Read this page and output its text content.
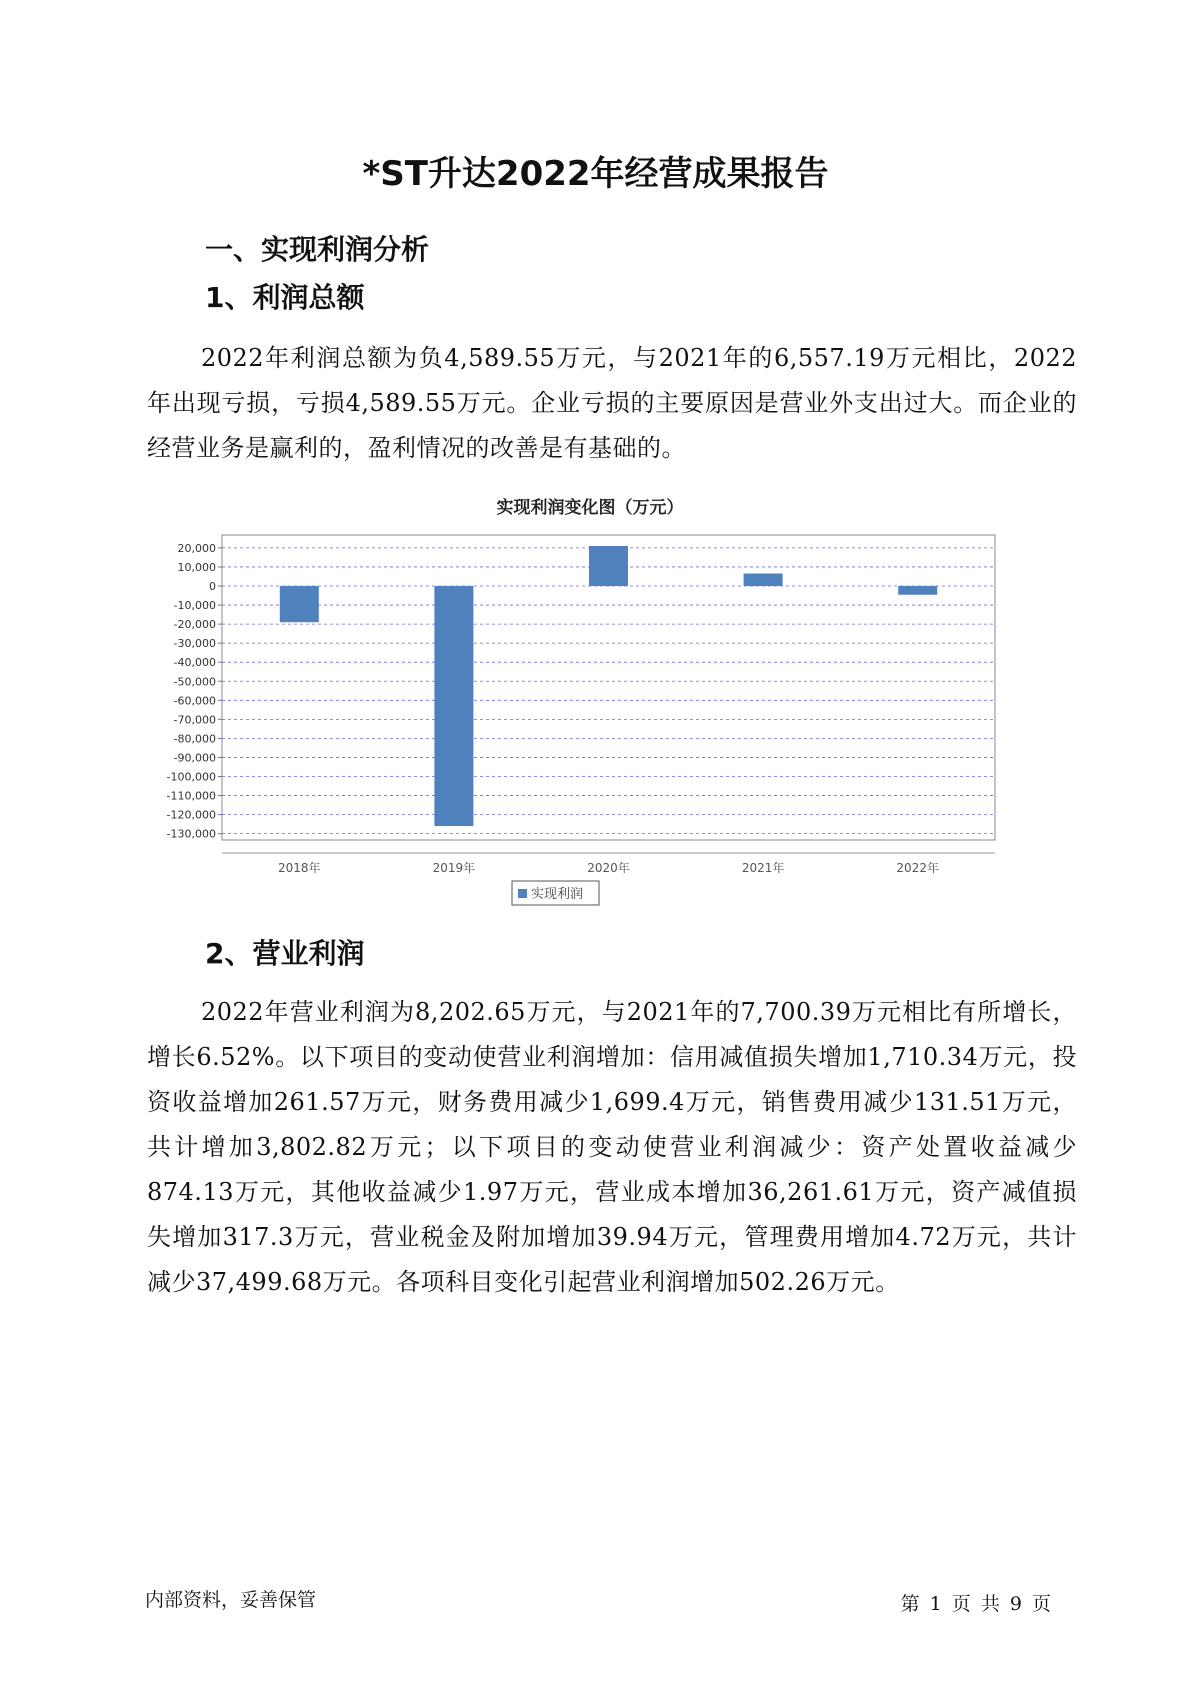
*ST升达2022年经营成果报告
一、实现利润分析
1、利润总额

2022年利润总额为负4,589.55万元，与2021年的6,557.19万元相比，2022年出现亏损，亏损4,589.55万元。企业亏损的主要原因是营业外支出过大。而企业的经营业务是赢利的，盈利情况的改善是有基础的。

实现利润变化图（万元）
20,000
10,000
0
-10,000
-20,000
-30,000
-40,000
-50,000
-60,000
-70,000
-80,000
-90,000
-100,000
-110,000
-120,000
-130,000
2018年	2019年	2020年	2021年	2022年
实现利润
2、营业利润

2022年营业利润为8,202.65万元，与2021年的7,700.39万元相比有所增长，增长6.52%。以下项目的变动使营业利润增加：信用减值损失增加1,710.34万元，投资收益增加261.57万元，财务费用减少1,699.4万元，销售费用减少131.51万元，共计增加3,802.82万元；以下项目的变动使营业利润减少：资产处置收益减少874.13万元，其他收益减少1.97万元，营业成本增加36,261.61万元，资产减值损失增加317.3万元，营业税金及附加增加39.94万元，管理费用增加4.72万元，共计减少37,499.68万元。各项科目变化引起营业利润增加502.26万元。

内部资料，妥善保管	第 1 页 共 9 页
